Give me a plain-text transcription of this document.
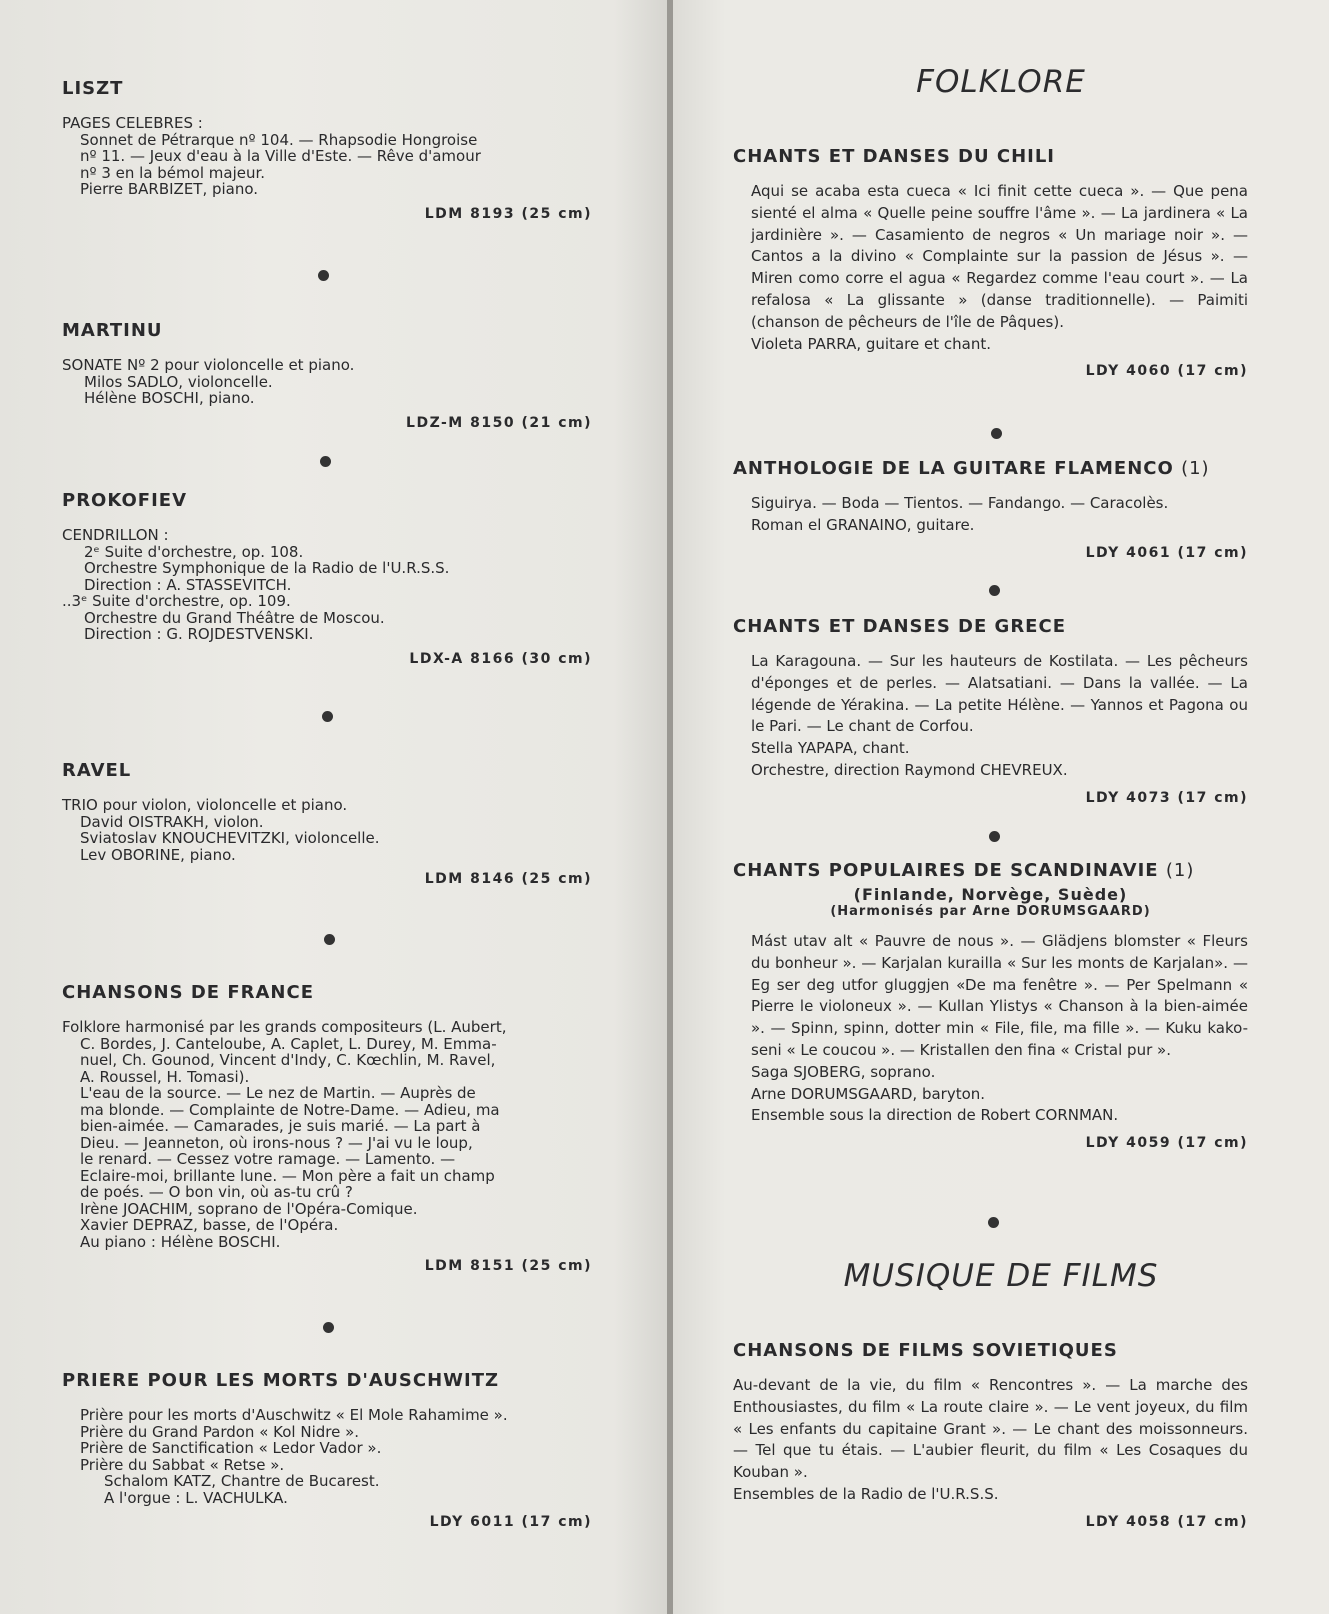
LISZT
PAGES CELEBRES :
Sonnet de Pétrarque nº 104. — Rhapsodie Hongroise
nº 11. — Jeux d'eau à la Ville d'Este. — Rêve d'amour
nº 3 en la bémol majeur.
Pierre BARBIZET, piano.
LDM 8193 (25 cm)
MARTINU
SONATE Nº 2 pour violoncelle et piano.
Milos SADLO, violoncelle.
Hélène BOSCHI, piano.
LDZ-M 8150 (21 cm)
PROKOFIEV
CENDRILLON :
2ᵉ Suite d'orchestre, op. 108.
Orchestre Symphonique de la Radio de l'U.R.S.S.
Direction : A. STASSEVITCH.
..3ᵉ Suite d'orchestre, op. 109.
Orchestre du Grand Théâtre de Moscou.
Direction : G. ROJDESTVENSKI.
LDX-A 8166 (30 cm)
RAVEL
TRIO pour violon, violoncelle et piano.
David OISTRAKH, violon.
Sviatoslav KNOUCHEVITZKI, violoncelle.
Lev OBORINE, piano.
LDM 8146 (25 cm)
CHANSONS DE FRANCE
Folklore harmonisé par les grands compositeurs (L. Aubert,
C. Bordes, J. Canteloube, A. Caplet, L. Durey, M. Emma-
nuel, Ch. Gounod, Vincent d'Indy, C. Kœchlin, M. Ravel,
A. Roussel, H. Tomasi).
L'eau de la source. — Le nez de Martin. — Auprès de
ma blonde. — Complainte de Notre-Dame. — Adieu, ma
bien-aimée. — Camarades, je suis marié. — La part à
Dieu. — Jeanneton, où irons-nous ? — J'ai vu le loup,
le renard. — Cessez votre ramage. — Lamento. —
Eclaire-moi, brillante lune. — Mon père a fait un champ
de poés. — O bon vin, où as-tu crû ?
Irène JOACHIM, soprano de l'Opéra-Comique.
Xavier DEPRAZ, basse, de l'Opéra.
Au piano : Hélène BOSCHI.
LDM 8151 (25 cm)
PRIERE POUR LES MORTS D'AUSCHWITZ
Prière pour les morts d'Auschwitz « El Mole Rahamime ».
Prière du Grand Pardon « Kol Nidre ».
Prière de Sanctification « Ledor Vador ».
Prière du Sabbat « Retse ».
Schalom KATZ, Chantre de Bucarest.
A l'orgue : L. VACHULKA.
LDY 6011 (17 cm)
FOLKLORE
CHANTS ET DANSES DU CHILI
Aqui se acaba esta cueca « Ici finit cette cueca ». — Que pena sienté el alma « Quelle peine souffre l'âme ». — La jardinera « La jardinière ». — Casamiento de negros « Un mariage noir ». — Cantos a la divino « Complainte sur la passion de Jésus ». — Miren como corre el agua « Regardez comme l'eau court ». — La refalosa « La glissante » (danse traditionnelle). — Paimiti (chanson de pêcheurs de l'île de Pâques).
Violeta PARRA, guitare et chant.
LDY 4060 (17 cm)
ANTHOLOGIE DE LA GUITARE FLAMENCO (1)
Siguirya. — Boda — Tientos. — Fandango. — Caracolès.
Roman el GRANAINO, guitare.
LDY 4061 (17 cm)
CHANTS ET DANSES DE GRECE
La Karagouna. — Sur les hauteurs de Kostilata. — Les pêcheurs d'éponges et de perles. — Alatsatiani. — Dans la vallée. — La légende de Yérakina. — La petite Hélène. — Yannos et Pagona ou le Pari. — Le chant de Corfou.
Stella YAPAPA, chant.
Orchestre, direction Raymond CHEVREUX.
LDY 4073 (17 cm)
CHANTS POPULAIRES DE SCANDINAVIE (1)
(Finlande, Norvège, Suède)
(Harmonisés par Arne DORUMSGAARD)
Mást utav alt « Pauvre de nous ». — Glädjens blomster « Fleurs du bonheur ». — Karjalan kurailla « Sur les monts de Karjalan». — Eg ser deg utfor gluggjen «De ma fenêtre ». — Per Spelmann « Pierre le violoneux ». — Kullan Ylistys « Chanson à la bien-aimée ». — Spinn, spinn, dotter min « File, file, ma fille ». — Kuku kako-seni « Le coucou ». — Kristallen den fina « Cristal pur ».
Saga SJOBERG, soprano.
Arne DORUMSGAARD, baryton.
Ensemble sous la direction de Robert CORNMAN.
LDY 4059 (17 cm)
MUSIQUE DE FILMS
CHANSONS DE FILMS SOVIETIQUES
Au-devant de la vie, du film « Rencontres ». — La marche des Enthousiastes, du film « La route claire ». — Le vent joyeux, du film « Les enfants du capitaine Grant ». — Le chant des moissonneurs. — Tel que tu étais. — L'aubier fleurit, du film « Les Cosaques du Kouban ».
Ensembles de la Radio de l'U.R.S.S.
LDY 4058 (17 cm)
